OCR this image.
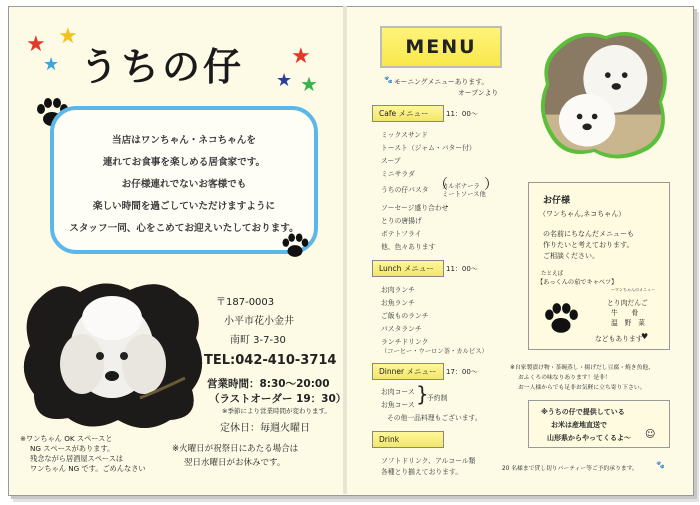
★ ★
★	★
★ ★
うちの仔
当店はワンちゃん・ネコちゃんを
連れてお食事を楽しめる居食家です。
お仔様連れでないお客様でも
楽しい時間を過ごしていただけますように
スタッフ一同、心をこめてお迎えいたしております。
〒187-0003
小平市花小金井
南町 3-7-30
TEL:042-410-3714
営業時間：8:30～20:00
（ラストオーダー 19：30）
※季節により営業時間が変わります。
定休日：毎週火曜日
※ワンちゃん OK スペースと
NG スペースがあります。
残念ながら居酒屋スペースは
ワンちゃん NG です。ごめんなさい
※火曜日が祝祭日にあたる場合は
翌日水曜日がお休みです。
MENU
🐾 モーニングメニューあります。
オープンより
Cafe メニュー	11：00～
ミックスサンド
トースト（ジャム・バター付）
スープ
ミニサラダ
うちの仔パスタ （
カルボナーラ
ミートソース他
）
ソーセージ盛り合わせ
とりの唐揚げ
ポテトフライ
他、色々あります
Lunch メニュー	11：00～
お肉ランチ
お魚ランチ
ご飯ものランチ
パスタランチ
ランチドリンク
（コーヒー・ウーロン茶・カルピス）
Dinner メニュー	17：00～
お肉コース
お魚コース }
予約制
その他一品料理もございます。
Drink
ソフトドリンク、アルコール類
各種とり揃えております。
お仔様
（ワンちゃん,ネコちゃん）
の名前にちなんだメニューも
作りたいと考えております。
ご相談ください。
たとえば
【あっくんの茄でキャベツ】
～ワンちゃんのメニュー
とり肉だんご
牛　　骨
温　野　菜
などもあります
♥
※自家製漬け物・茶碗蒸し・揚げだし豆腐・焼き魚他、
おふくろの味なりあります！是非！
お一人様からでも足非お気軽に立ち寄り下さい。
※うちの仔で提供している
お米は産地直送で
山形県からやってくるよ～ ☺
20 名様まで貸し切りパーティー等ご予約承ります。	🐾
